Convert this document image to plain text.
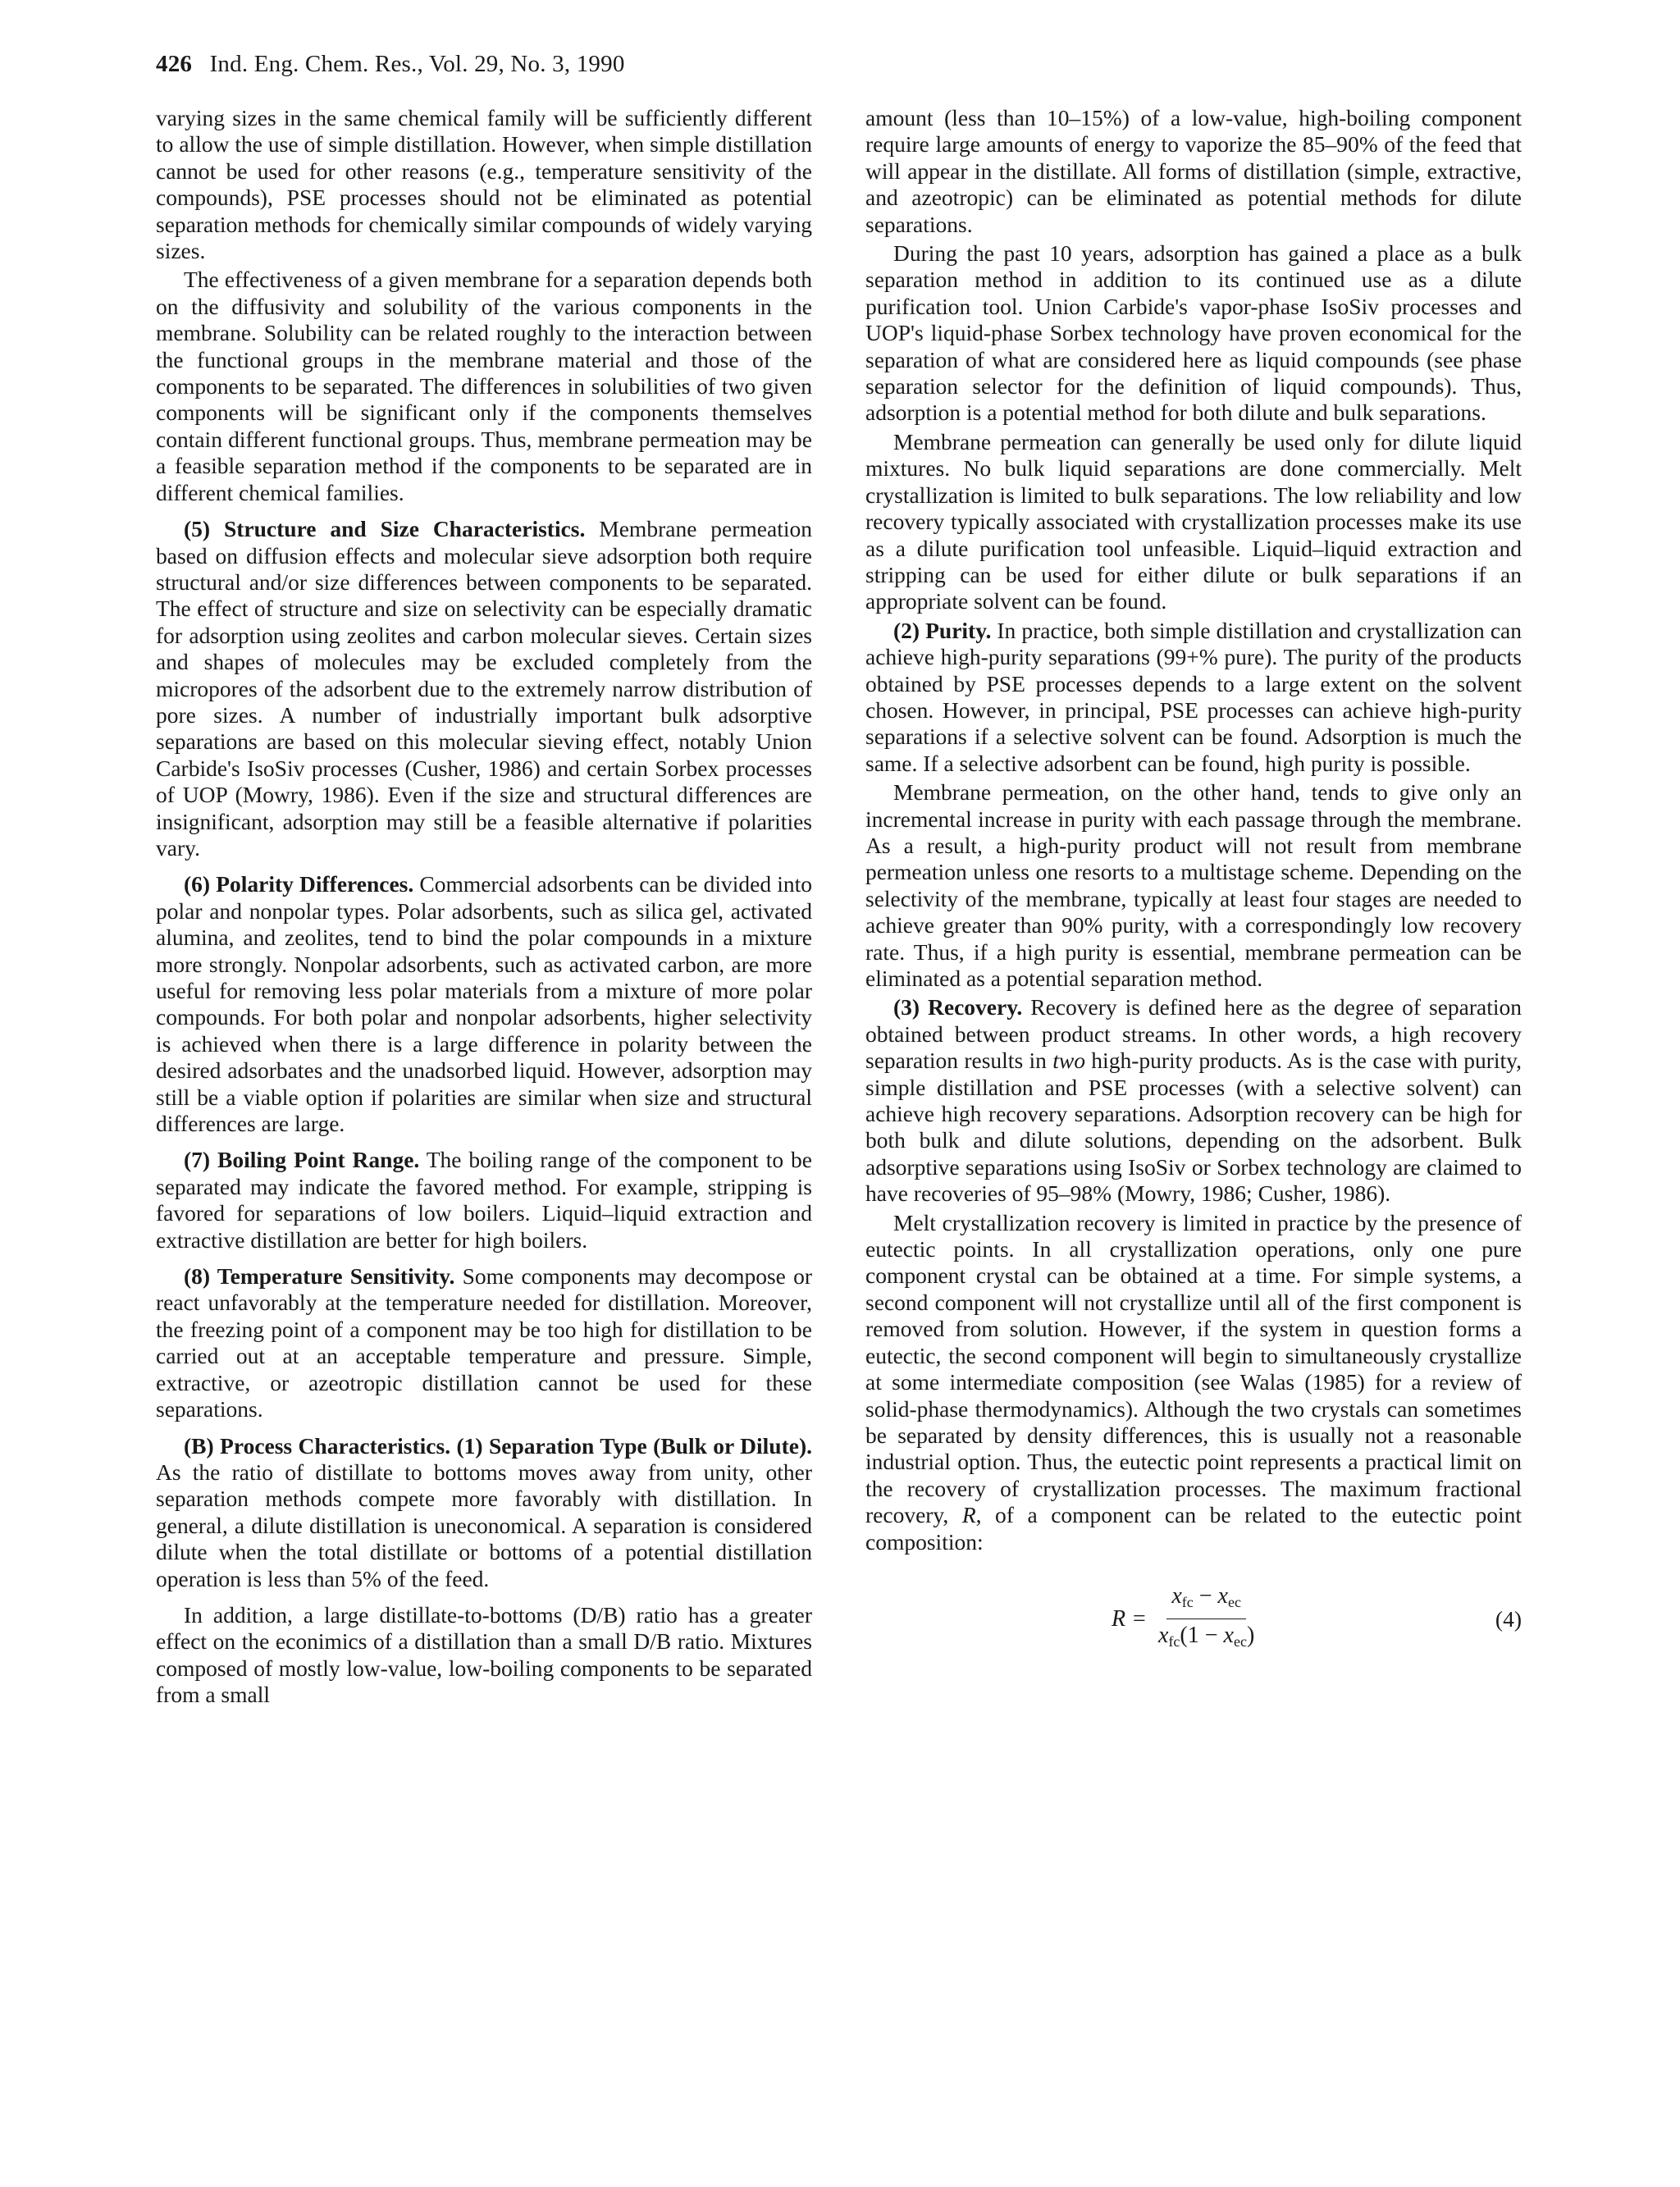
426 Ind. Eng. Chem. Res., Vol. 29, No. 3, 1990

varying sizes in the same chemical family will be sufficiently different to allow the use of simple distillation. However, when simple distillation cannot be used for other reasons (e.g., temperature sensitivity of the compounds), PSE processes should not be eliminated as potential separation methods for chemically similar compounds of widely varying sizes.

The effectiveness of a given membrane for a separation depends both on the diffusivity and solubility of the various components in the membrane. Solubility can be related roughly to the interaction between the functional groups in the membrane material and those of the components to be separated. The differences in solubilities of two given components will be significant only if the components themselves contain different functional groups. Thus, membrane permeation may be a feasible separation method if the components to be separated are in different chemical families.

(5) Structure and Size Characteristics. Membrane permeation based on diffusion effects and molecular sieve adsorption both require structural and/or size differences between components to be separated. The effect of structure and size on selectivity can be especially dramatic for adsorption using zeolites and carbon molecular sieves. Certain sizes and shapes of molecules may be excluded completely from the micropores of the adsorbent due to the extremely narrow distribution of pore sizes. A number of industrially important bulk adsorptive separations are based on this molecular sieving effect, notably Union Carbide's IsoSiv processes (Cusher, 1986) and certain Sorbex processes of UOP (Mowry, 1986). Even if the size and structural differences are insignificant, adsorption may still be a feasible alternative if polarities vary.

(6) Polarity Differences. Commercial adsorbents can be divided into polar and nonpolar types. Polar adsorbents, such as silica gel, activated alumina, and zeolites, tend to bind the polar compounds in a mixture more strongly. Nonpolar adsorbents, such as activated carbon, are more useful for removing less polar materials from a mixture of more polar compounds. For both polar and nonpolar adsorbents, higher selectivity is achieved when there is a large difference in polarity between the desired adsorbates and the unadsorbed liquid. However, adsorption may still be a viable option if polarities are similar when size and structural differences are large.

(7) Boiling Point Range. The boiling range of the component to be separated may indicate the favored method. For example, stripping is favored for separations of low boilers. Liquid–liquid extraction and extractive distillation are better for high boilers.

(8) Temperature Sensitivity. Some components may decompose or react unfavorably at the temperature needed for distillation. Moreover, the freezing point of a component may be too high for distillation to be carried out at an acceptable temperature and pressure. Simple, extractive, or azeotropic distillation cannot be used for these separations.

(B) Process Characteristics. (1) Separation Type (Bulk or Dilute). As the ratio of distillate to bottoms moves away from unity, other separation methods compete more favorably with distillation. In general, a dilute distillation is uneconomical. A separation is considered dilute when the total distillate or bottoms of a potential distillation operation is less than 5% of the feed.

In addition, a large distillate-to-bottoms (D/B) ratio has a greater effect on the econimics of a distillation than a small D/B ratio. Mixtures composed of mostly low-value, low-boiling components to be separated from a small

amount (less than 10–15%) of a low-value, high-boiling component require large amounts of energy to vaporize the 85–90% of the feed that will appear in the distillate. All forms of distillation (simple, extractive, and azeotropic) can be eliminated as potential methods for dilute separations.

During the past 10 years, adsorption has gained a place as a bulk separation method in addition to its continued use as a dilute purification tool. Union Carbide's vapor-phase IsoSiv processes and UOP's liquid-phase Sorbex technology have proven economical for the separation of what are considered here as liquid compounds (see phase separation selector for the definition of liquid compounds). Thus, adsorption is a potential method for both dilute and bulk separations.

Membrane permeation can generally be used only for dilute liquid mixtures. No bulk liquid separations are done commercially. Melt crystallization is limited to bulk separations. The low reliability and low recovery typically associated with crystallization processes make its use as a dilute purification tool unfeasible. Liquid–liquid extraction and stripping can be used for either dilute or bulk separations if an appropriate solvent can be found.

(2) Purity. In practice, both simple distillation and crystallization can achieve high-purity separations (99+% pure). The purity of the products obtained by PSE processes depends to a large extent on the solvent chosen. However, in principal, PSE processes can achieve high-purity separations if a selective solvent can be found. Adsorption is much the same. If a selective adsorbent can be found, high purity is possible.

Membrane permeation, on the other hand, tends to give only an incremental increase in purity with each passage through the membrane. As a result, a high-purity product will not result from membrane permeation unless one resorts to a multistage scheme. Depending on the selectivity of the membrane, typically at least four stages are needed to achieve greater than 90% purity, with a correspondingly low recovery rate. Thus, if a high purity is essential, membrane permeation can be eliminated as a potential separation method.

(3) Recovery. Recovery is defined here as the degree of separation obtained between product streams. In other words, a high recovery separation results in two high-purity products. As is the case with purity, simple distillation and PSE processes (with a selective solvent) can achieve high recovery separations. Adsorption recovery can be high for both bulk and dilute solutions, depending on the adsorbent. Bulk adsorptive separations using IsoSiv or Sorbex technology are claimed to have recoveries of 95–98% (Mowry, 1986; Cusher, 1986).

Melt crystallization recovery is limited in practice by the presence of eutectic points. In all crystallization operations, only one pure component crystal can be obtained at a time. For simple systems, a second component will not crystallize until all of the first component is removed from solution. However, if the system in question forms a eutectic, the second component will begin to simultaneously crystallize at some intermediate composition (see Walas (1985) for a review of solid-phase thermodynamics). Although the two crystals can sometimes be separated by density differences, this is usually not a reasonable industrial option. Thus, the eutectic point represents a practical limit on the recovery of crystallization processes. The maximum fractional recovery, R, of a component can be related to the eutectic point composition:

$R = \frac{x_{fc} - x_{ec}}{x_{fc}(1 - x_{ec})}$	(4)
